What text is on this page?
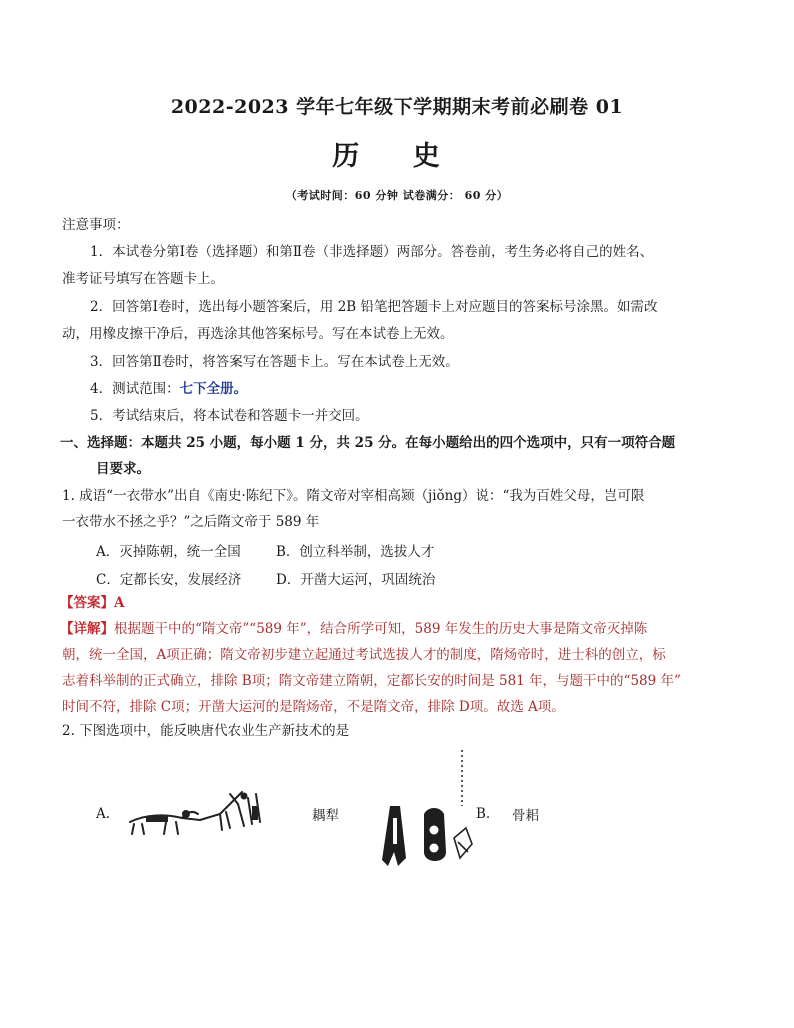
2022-2023 学年七年级下学期期末考前必刷卷 01
历 史
（考试时间：60 分钟 试卷满分： 60 分）
注意事项：
1．本试卷分第Ⅰ卷（选择题）和第Ⅱ卷（非选择题）两部分。答卷前，考生务必将自己的姓名、
准考证号填写在答题卡上。
2．回答第Ⅰ卷时，选出每小题答案后，用 2B 铅笔把答题卡上对应题目的答案标号涂黑。如需改
动，用橡皮擦干净后，再选涂其他答案标号。写在本试卷上无效。
3．回答第Ⅱ卷时，将答案写在答题卡上。写在本试卷上无效。
4．测试范围：七下全册。
5．考试结束后，将本试卷和答题卡一并交回。
一、选择题：本题共 25 小题，每小题 1 分，共 25 分。在每小题给出的四个选项中，只有一项符合题
目要求。
1. 成语“一衣带水”出自《南史·陈纪下》。隋文帝对宰相高颎（jiǒng）说：“我为百姓父母，岂可限
一衣带水不拯之乎？”之后隋文帝于 589 年
A．灭掉陈朝，统一全国	B．创立科举制，选拔人才
C．定都长安，发展经济	D．开凿大运河，巩固统治
【答案】A
【详解】根据题干中的“隋文帝”“589 年”，结合所学可知，589 年发生的历史大事是隋文帝灭掉陈
朝，统一全国，A项正确；隋文帝初步建立起通过考试选拔人才的制度，隋炀帝时，进士科的创立，标
志着科举制的正式确立，排除 B项；隋文帝建立隋朝，定都长安的时间是 581 年，与题干中的“589 年”
时间不符，排除 C项；开凿大运河的是隋炀帝，不是隋文帝，排除 D项。故选 A项。
2. 下图选项中，能反映唐代农业生产新技术的是
A.	耦犁	B. 骨耜
